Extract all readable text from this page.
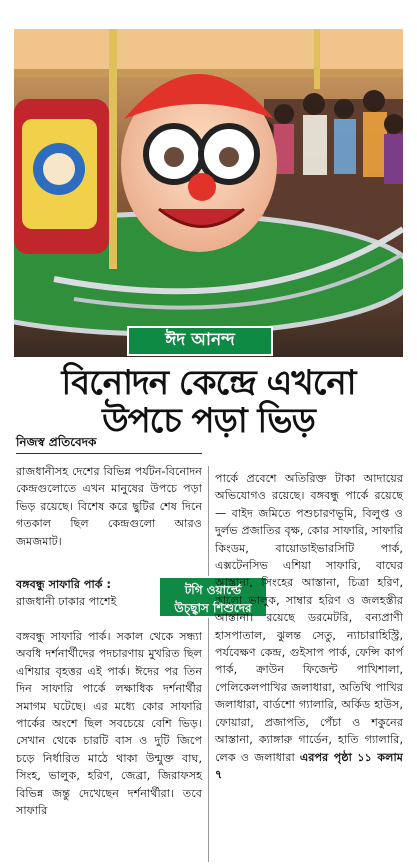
ঈদ আনন্দ
বিনোদন কেন্দ্রে এখনো
উপচে পড়া ভিড়
নিজস্ব প্রতিবেদক

রাজধানীসহ দেশের বিভিন্ন পর্যটন-বিনোদন কেন্দ্রগুলোতে এখন মানুষের উপচে পড়া ভিড় রয়েছে। বিশেষ করে ছুটির শেষ দিনে গতকাল ছিল কেন্দ্রগুলো আরও জমজমাট।

বঙ্গবন্ধু সাফারি পার্ক :	টগি ওয়ার্ল্ডে
উচ্ছ্বাস শিশুদের

রাজধানী ঢাকার পাশেই

বঙ্গবন্ধু সাফারি পার্ক। সকাল থেকে সন্ধ্যা অবধি দর্শনার্থীদের পদচারণায় মুখরিত ছিল এশিয়ার বৃহত্তর এই পার্ক। ঈদের পর তিন দিন সাফারি পার্কে লক্ষাধিক দর্শনার্থীর সমাগম ঘটেছে। এর মধ্যে কোর সাফারি পার্কের অংশে ছিল সবচেয়ে বেশি ভিড়। সেখান থেকে চারটি বাস ও দুটি জিপে চড়ে নির্ধারিত মাঠে থাকা উন্মুক্ত বাঘ, সিংহ, ভালুক, হরিণ, জেব্রা, জিরাফসহ বিভিন্ন জন্তু দেখেছেন দর্শনার্থীরা। তবে সাফারি

পার্কে প্রবেশে অতিরিক্ত টাকা আদায়ের অভিযোগও রয়েছে। বঙ্গবন্ধু পার্কে রয়েছে— বাইদ জমিতে পশুচারণভূমি, বিলুপ্ত ও দুর্লভ প্রজাতির বৃক্ষ, কোর সাফারি, সাফারি কিংডম, বায়োডাইভারসিটি পার্ক, এক্সটেনসিভ এশিয়া সাফারি, বাঘের আস্তানা, সিংহের আস্তানা, চিত্রা হরিণ, কালো ভালুক, সাম্বার হরিণ ও জলহস্তীর আস্তানা। রয়েছে ডরমেটরি, বন্যপ্রাণী হাসপাতাল, ঝুলন্ত সেতু, ন্যাচারাহিস্ট্রি, পর্যবেক্ষণ কেন্দ্র, গুইসাপ পার্ক, ফেন্সি কার্প পার্ক, ক্রাউন ফিজেন্ট পাখিশালা, পেলিকেলপাখির জলাধারা, অতিথি পাখির জলাধারা, বার্ডশো গ্যালারি, অর্কিড হাউস, ফোয়ারা, প্রজাপতি, পেঁচা ও শকুনের আস্তানা, ক্যাঙ্গারু গার্ডেন, হাতি গ্যালারি, লেক ও জলাধারা এরপর পৃষ্ঠা ১১ কলাম ৭
